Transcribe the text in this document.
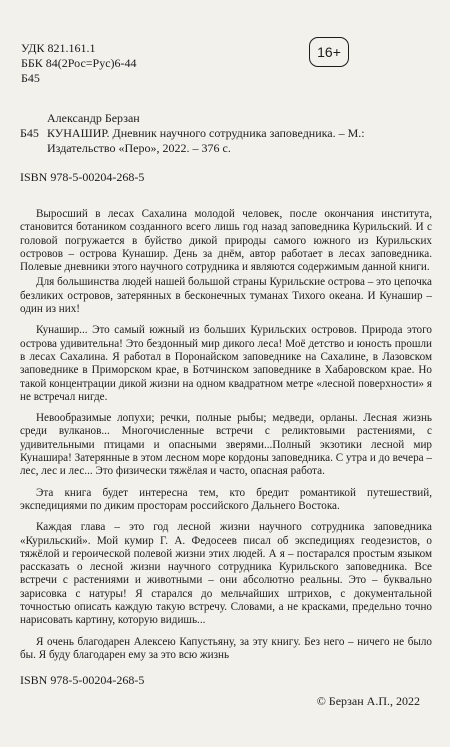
УДК 821.161.1
ББК 84(2Рос=Рус)6-44
Б45
16+
Александр Берзан
Б45 КУНАШИР. Дневник научного сотрудника заповедника. – М.:
Издательство «Перо», 2022. – 376 с.
ISBN 978-5-00204-268-5

Выросший в лесах Сахалина молодой человек, после окончания института, становится ботаником созданного всего лишь год назад заповедника Курильский. И с головой погружается в буйство дикой природы самого южного из Курильских островов – острова Кунашир. День за днём, автор работает в лесах заповедника. Полевые дневники этого научного сотрудника и являются содержимым данной книги.

Для большинства людей нашей большой страны Курильские острова – это цепочка безликих островов, затерянных в бесконечных туманах Тихого океана. И Кунашир – один из них!

Кунашир... Это самый южный из больших Курильских островов. Природа этого острова удивительна! Это бездонный мир дикого леса! Моё детство и юность прошли в лесах Сахалина. Я работал в Поронайском заповеднике на Сахалине, в Лазовском заповеднике в Приморском крае, в Ботчинском заповеднике в Хабаровском крае. Но такой концентрации дикой жизни на одном квадратном метре «лесной поверхности» я не встречал нигде.

Невообразимые лопухи; речки, полные рыбы; медведи, орланы. Лесная жизнь среди вулканов... Многочисленные встречи с реликтовыми растениями, с удивительными птицами и опасными зверями...Полный экзотики лесной мир Кунашира! Затерянные в этом лесном море кордоны заповедника. С утра и до вечера – лес, лес и лес... Это физически тяжёлая и часто, опасная работа.

Эта книга будет интересна тем, кто бредит романтикой путешествий, экспедициями по диким просторам российского Дальнего Востока.

Каждая глава – это год лесной жизни научного сотрудника заповедника «Курильский». Мой кумир Г. А. Федосеев писал об экспедициях геодезистов, о тяжёлой и героической полевой жизни этих людей. А я – постарался простым языком рассказать о лесной жизни научного сотрудника Курильского заповедника. Все встречи с растениями и животными – они абсолютно реальны. Это – буквально зарисовка с натуры! Я старался до мельчайших штрихов, с документальной точностью описать каждую такую встречу. Словами, а не красками, предельно точно нарисовать картину, которую видишь...

Я очень благодарен Алексею Капустьяну, за эту книгу. Без него – ничего не было бы. Я буду благодарен ему за это всю жизнь

ISBN 978-5-00204-268-5
© Берзан А.П., 2022
